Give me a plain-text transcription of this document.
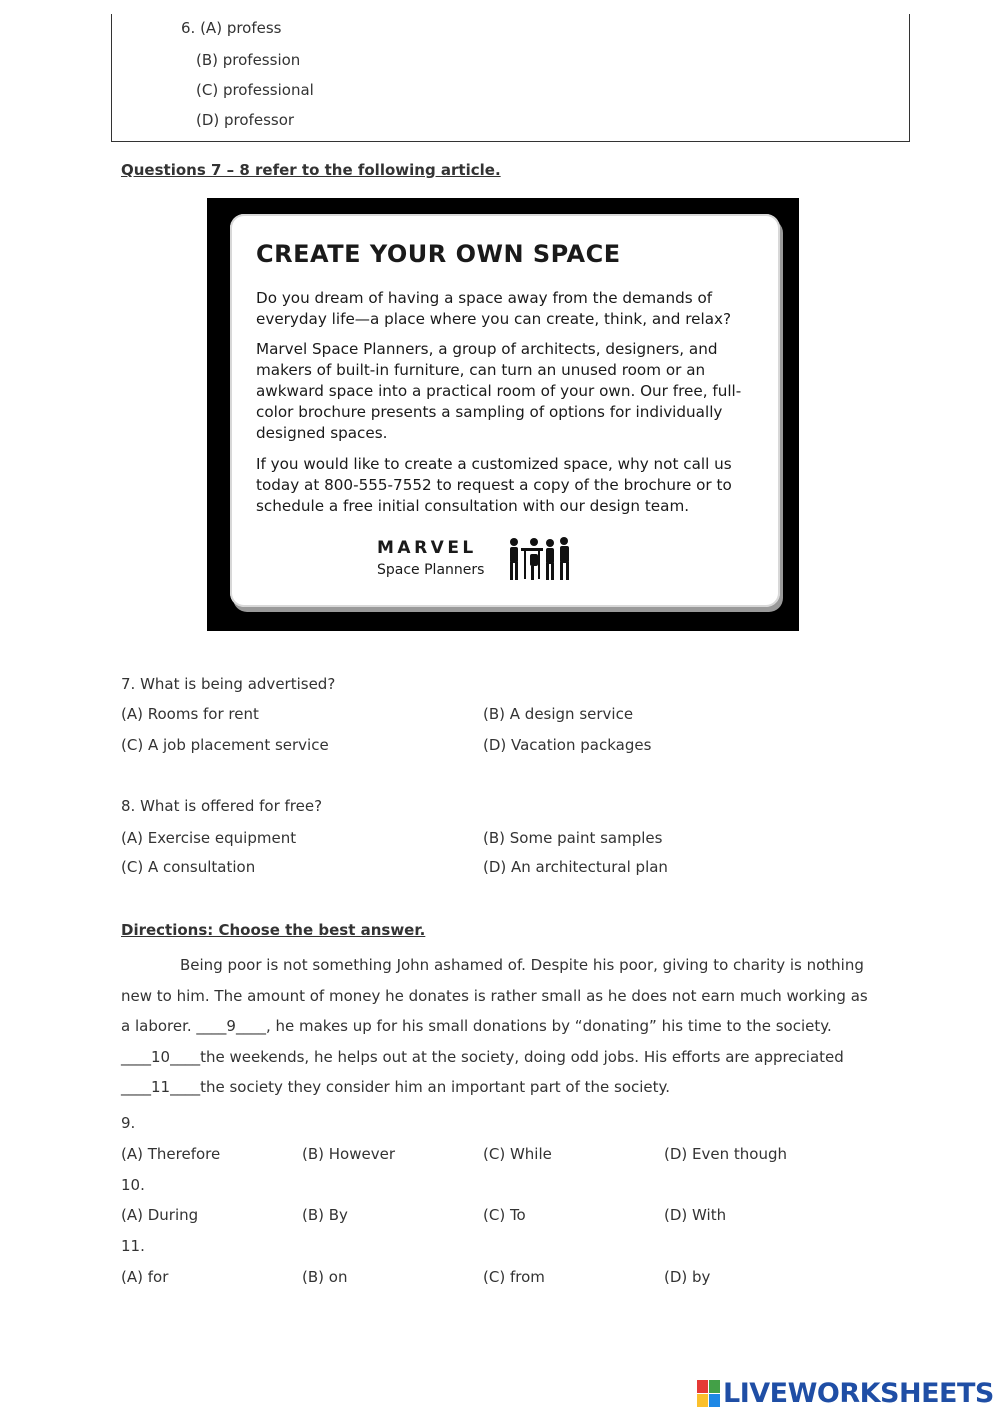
6. (A) profess
(B) profession
(C) professional
(D) professor
Questions 7 – 8 refer to the following article.
CREATE YOUR OWN SPACE
Do you dream of having a space away from the demands of everyday life—a place where you can create, think, and relax?
Marvel Space Planners, a group of architects, designers, and makers of built-in furniture, can turn an unused room or an awkward space into a practical room of your own. Our free, full-color brochure presents a sampling of options for individually designed spaces.
If you would like to create a customized space, why not call us today at 800-555-7552 to request a copy of the brochure or to schedule a free initial consultation with our design team.
MARVEL
Space Planners
7. What is being advertised?
(A) Rooms for rent	(B) A design service
(C) A job placement service	(D) Vacation packages
8. What is offered for free?
(A) Exercise equipment	(B) Some paint samples
(C) A consultation	(D) An architectural plan
Directions: Choose the best answer.
Being poor is not something John ashamed of. Despite his poor, giving to charity is nothing new to him. The amount of money he donates is rather small as he does not earn much working as a laborer. ____9____, he makes up for his small donations by “donating” his time to the society. ____10____the weekends, he helps out at the society, doing odd jobs. His efforts are appreciated ____11____the society they consider him an important part of the society.
9.
(A) Therefore	(B) However	(C) While	(D) Even though
10.
(A) During	(B) By	(C) To	(D) With
11.
(A) for	(B) on	(C) from	(D) by
LIVEWORKSHEETS
